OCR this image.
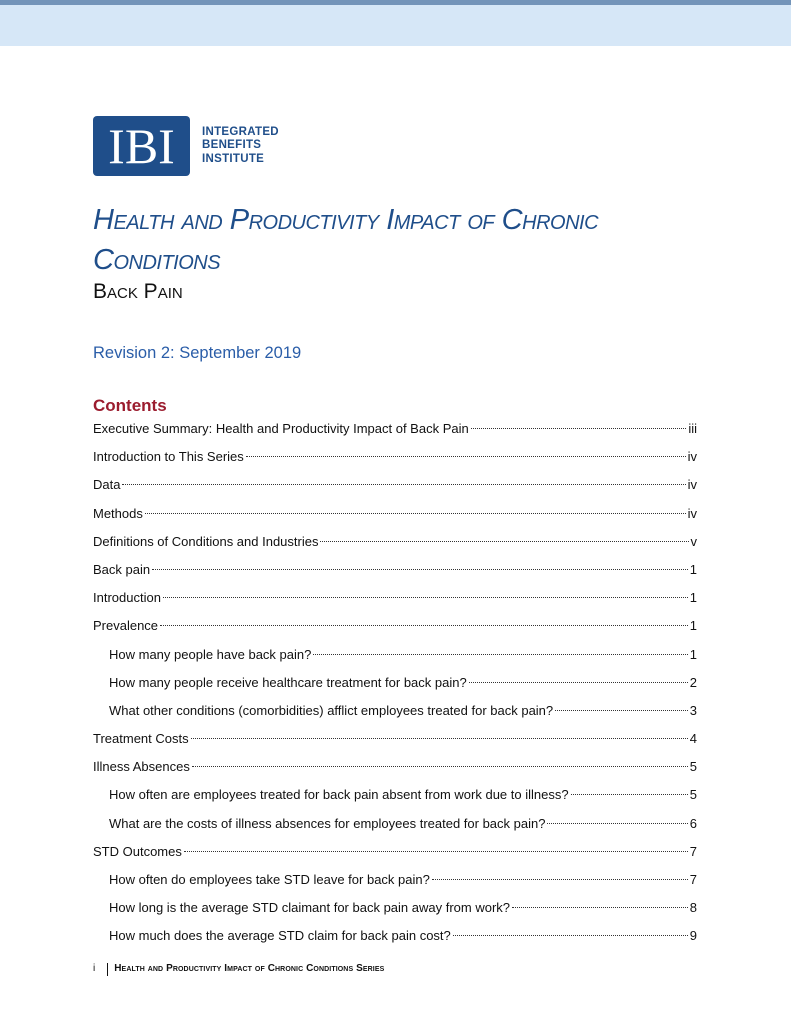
IBI	INTEGRATED
BENEFITS
INSTITUTE
Health and Productivity Impact of Chronic Conditions
Back Pain
Revision 2: September 2019
Contents
Executive Summary: Health and Productivity Impact of Back Pain	iii
Introduction to This Series	iv
Data	iv
Methods	iv
Definitions of Conditions and Industries	v
Back pain	1
Introduction	1
Prevalence	1
How many people have back pain?	1
How many people receive healthcare treatment for back pain?	2
What other conditions (comorbidities) afflict employees treated for back pain?	3
Treatment Costs	4
Illness Absences	5
How often are employees treated for back pain absent from work due to illness?	5
What are the costs of illness absences for employees treated for back pain?	6
STD Outcomes	7
How often do employees take STD leave for back pain?	7
How long is the average STD claimant for back pain away from work?	8
How much does the average STD claim for back pain cost?	9
i Health and Productivity Impact of Chronic Conditions Series
